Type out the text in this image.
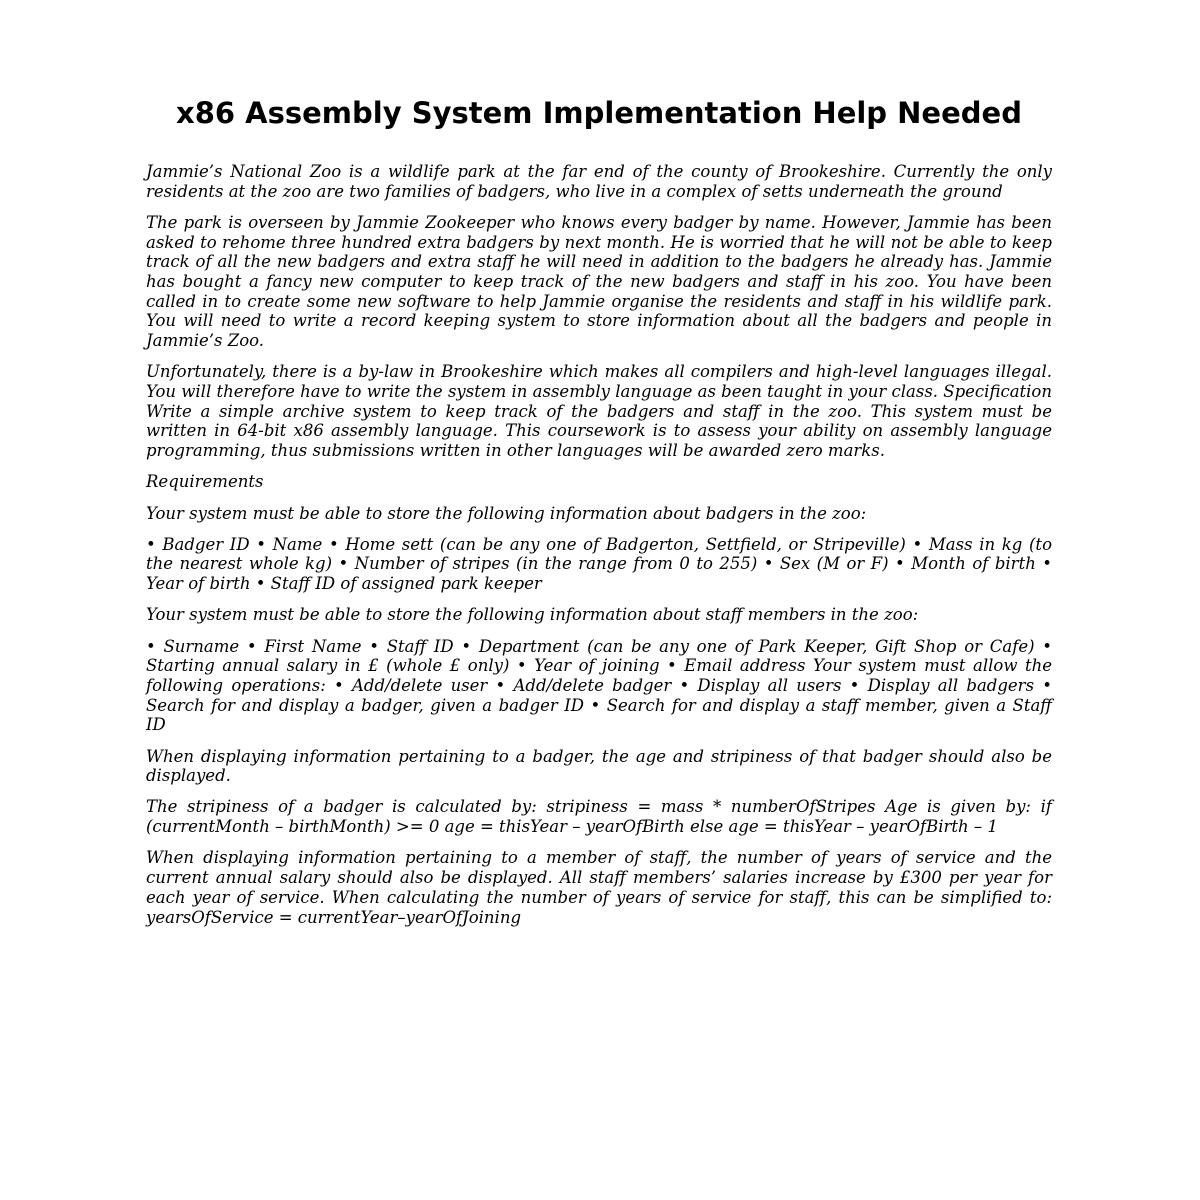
x86 Assembly System Implementation Help Needed

Jammie’s National Zoo is a wildlife park at the far end of the county of Brookeshire. Currently the only residents at the zoo are two families of badgers, who live in a complex of setts underneath the ground

The park is overseen by Jammie Zookeeper who knows every badger by name. However, Jammie has been asked to rehome three hundred extra badgers by next month. He is worried that he will not be able to keep track of all the new badgers and extra staff he will need in addition to the badgers he already has. Jammie has bought a fancy new computer to keep track of the new badgers and staff in his zoo. You have been called in to create some new software to help Jammie organise the residents and staff in his wildlife park. You will need to write a record keeping system to store information about all the badgers and people in Jammie’s Zoo.

Unfortunately, there is a by-law in Brookeshire which makes all compilers and high-level languages illegal. You will therefore have to write the system in assembly language as been taught in your class. Specification Write a simple archive system to keep track of the badgers and staff in the zoo. This system must be written in 64-bit x86 assembly language. This coursework is to assess your ability on assembly language programming, thus submissions written in other languages will be awarded zero marks.

Requirements

Your system must be able to store the following information about badgers in the zoo:

• Badger ID • Name • Home sett (can be any one of Badgerton, Settfield, or Stripeville) • Mass in kg (to the nearest whole kg) • Number of stripes (in the range from 0 to 255) • Sex (M or F) • Month of birth • Year of birth • Staff ID of assigned park keeper

Your system must be able to store the following information about staff members in the zoo:

• Surname • First Name • Staff ID • Department (can be any one of Park Keeper, Gift Shop or Cafe) • Starting annual salary in £ (whole £ only) • Year of joining • Email address Your system must allow the following operations: • Add/delete user • Add/delete badger • Display all users • Display all badgers • Search for and display a badger, given a badger ID • Search for and display a staff member, given a Staff ID

When displaying information pertaining to a badger, the age and stripiness of that badger should also be displayed.

The stripiness of a badger is calculated by: stripiness = mass * numberOfStripes Age is given by: if (currentMonth – birthMonth) >= 0 age = thisYear – yearOfBirth else age = thisYear – yearOfBirth – 1

When displaying information pertaining to a member of staff, the number of years of service and the current annual salary should also be displayed. All staff members’ salaries increase by £300 per year for each year of service. When calculating the number of years of service for staff, this can be simplified to: yearsOfService = currentYear–yearOfJoining
